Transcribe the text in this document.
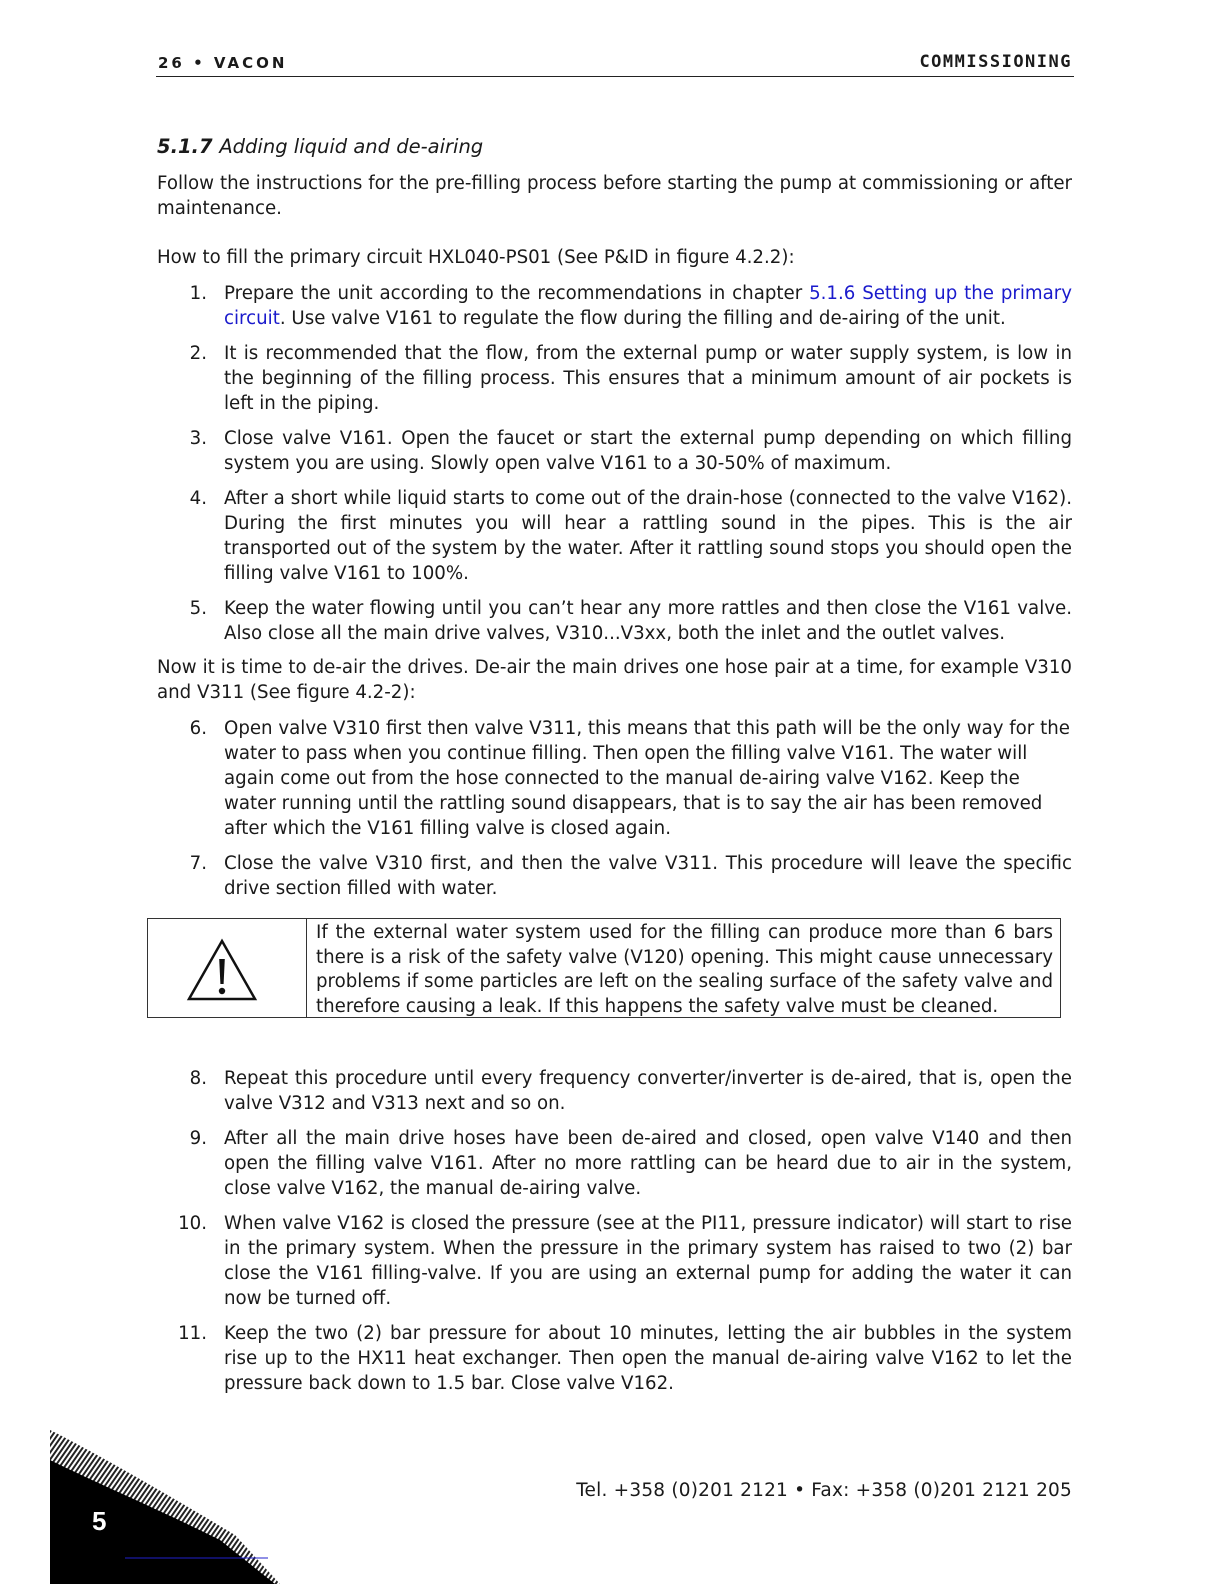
26 • VACON	COMMISSIONING
5.1.7 Adding liquid and de-airing

Follow the instructions for the pre-filling process before starting the pump at commissioning or after maintenance.

How to fill the primary circuit HXL040-PS01 (See P&ID in figure 4.2.2):

1. Prepare the unit according to the recommendations in chapter 5.1.6 Setting up the primary circuit. Use valve V161 to regulate the flow during the filling and de-airing of the unit.
2. It is recommended that the flow, from the external pump or water supply system, is low in the beginning of the filling process. This ensures that a minimum amount of air pockets is left in the piping.
3. Close valve V161. Open the faucet or start the external pump depending on which filling system you are using. Slowly open valve V161 to a 30-50% of maximum.
4. After a short while liquid starts to come out of the drain-hose (connected to the valve V162). During the first minutes you will hear a rattling sound in the pipes. This is the air transported out of the system by the water. After it rattling sound stops you should open the filling valve V161 to 100%.
5. Keep the water flowing until you can’t hear any more rattles and then close the V161 valve. Also close all the main drive valves, V310...V3xx, both the inlet and the outlet valves.

Now it is time to de-air the drives. De-air the main drives one hose pair at a time, for example V310 and V311 (See figure 4.2-2):

6. Open valve V310 first then valve V311, this means that this path will be the only way for the water to pass when you continue filling. Then open the filling valve V161. The water will again come out from the hose connected to the manual de-airing valve V162. Keep the water running until the rattling sound disappears, that is to say the air has been removed after which the V161 filling valve is closed again.
7. Close the valve V310 first, and then the valve V311. This procedure will leave the specific drive section filled with water.
If the external water system used for the filling can produce more than 6 bars there is a risk of the safety valve (V120) opening. This might cause unnecessary problems if some particles are left on the sealing surface of the safety valve and therefore causing a leak. If this happens the safety valve must be cleaned.
8. Repeat this procedure until every frequency converter/inverter is de-aired, that is, open the valve V312 and V313 next and so on.
9. After all the main drive hoses have been de-aired and closed, open valve V140 and then open the filling valve V161. After no more rattling can be heard due to air in the system, close valve V162, the manual de-airing valve.
10. When valve V162 is closed the pressure (see at the PI11, pressure indicator) will start to rise in the primary system. When the pressure in the primary system has raised to two (2) bar close the V161 filling-valve. If you are using an external pump for adding the water it can now be turned off.
11. Keep the two (2) bar pressure for about 10 minutes, letting the air bubbles in the system rise up to the HX11 heat exchanger. Then open the manual de-airing valve V162 to let the pressure back down to 1.5 bar. Close valve V162.
Tel. +358 (0)201 2121 • Fax: +358 (0)201 2121 205
5
